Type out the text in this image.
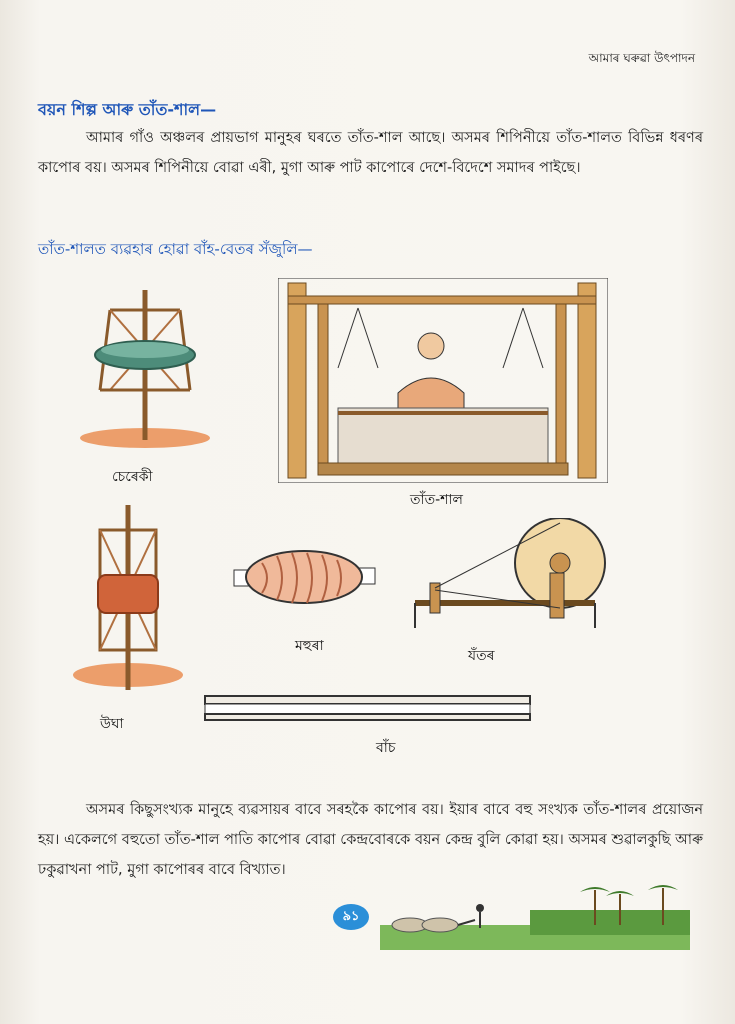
আমাৰ ঘৰুৱা উৎপাদন
বয়ন শিল্প আৰু তাঁত-শাল—
আমাৰ গাঁও অঞ্চলৰ প্ৰায়ভাগ মানুহৰ ঘৰতে তাঁত-শাল আছে। অসমৰ শিপিনীয়ে তাঁত-শালত বিভিন্ন ধৰণৰ কাপোৰ বয়। অসমৰ শিপিনীয়ে বোৱা এৰী, মুগা আৰু পাট কাপোৰে দেশে-বিদেশে সমাদৰ পাইছে।
তাঁত-শালত ব্যৱহাৰ হোৱা বাঁহ-বেতৰ সঁজুলি—
চেৰেকী
তাঁত-শাল
উঘা
মহুৰা
যঁতৰ
বাঁচ
অসমৰ কিছুসংখ্যক মানুহে ব্যৱসায়ৰ বাবে সৰহকৈ কাপোৰ বয়। ইয়াৰ বাবে বহু সংখ্যক তাঁত-শালৰ প্ৰয়োজন হয়। একেলগে বহুতো তাঁত-শাল পাতি কাপোৰ বোৱা কেন্দ্ৰবোৰকে বয়ন কেন্দ্ৰ বুলি কোৱা হয়। অসমৰ শুৱালকুছি আৰু ঢকুৱাখনা পাট, মুগা কাপোৰৰ বাবে বিখ্যাত।
৯১
